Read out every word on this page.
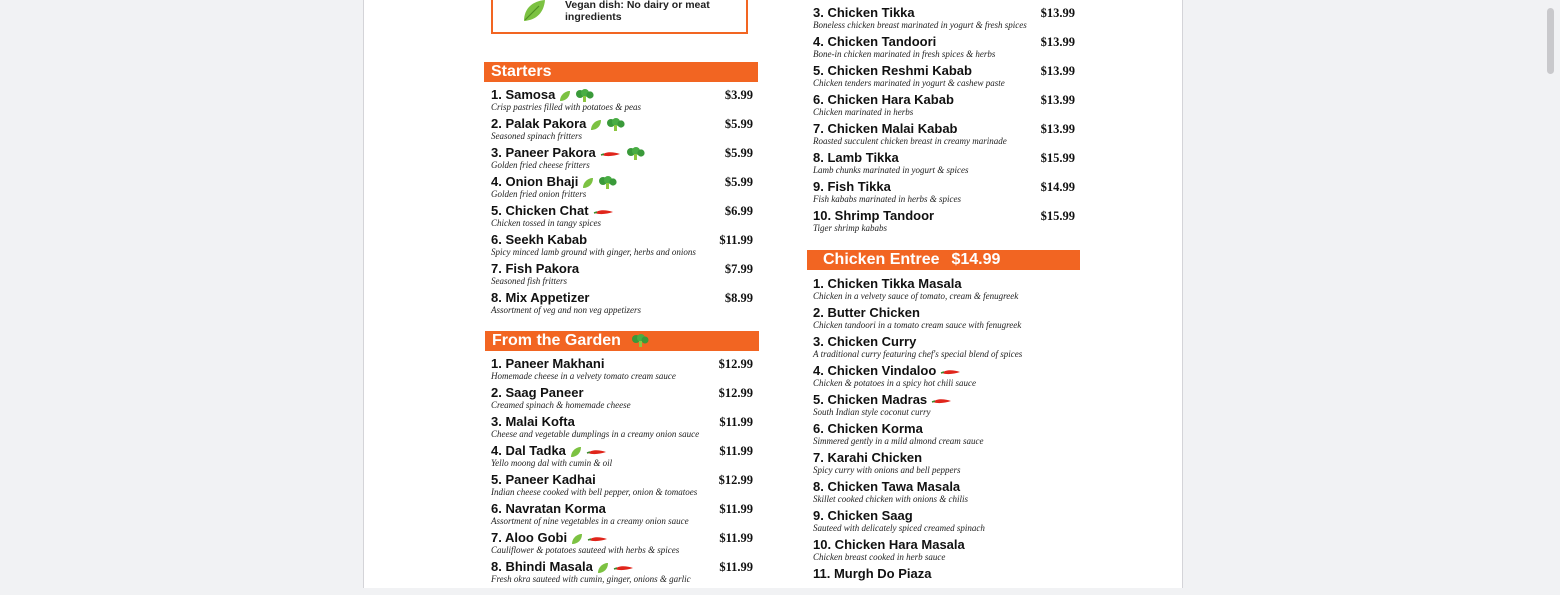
Vegan dish: No dairy or meat ingredients
Starters
1. Samosa
Crisp pastries filled with potatoes & peas
$3.99
2. Palak Pakora
Seasoned spinach fritters
$5.99
3. Paneer Pakora
Golden fried cheese fritters
$5.99
4. Onion Bhaji
Golden fried onion fritters
$5.99
5. Chicken Chat
Chicken tossed in tangy spices
$6.99
6. Seekh Kabab
Spicy minced lamb ground with ginger, herbs and onions
$11.99
7. Fish Pakora
Seasoned fish fritters
$7.99
8. Mix Appetizer
Assortment of veg and non veg appetizers
$8.99
From the Garden
1. Paneer Makhani
Homemade cheese in a velvety tomato cream sauce
$12.99
2. Saag Paneer
Creamed spinach & homemade cheese
$12.99
3. Malai Kofta
Cheese and vegetable dumplings in a creamy onion sauce
$11.99
4. Dal Tadka
Yello moong dal with cumin & oil
$11.99
5. Paneer Kadhai
Indian cheese cooked with bell pepper, onion & tomatoes
$12.99
6. Navratan Korma
Assortment of nine vegetables in a creamy onion sauce
$11.99
7. Aloo Gobi
Cauliflower & potatoes sauteed with herbs & spices
$11.99
8. Bhindi Masala
Fresh okra sauteed with cumin, ginger, onions & garlic
$11.99
3. Chicken Tikka
Boneless chicken breast marinated in yogurt & fresh spices
$13.99
4. Chicken Tandoori
Bone-in chicken marinated in fresh spices & herbs
$13.99
5. Chicken Reshmi Kabab
Chicken tenders marinated in yogurt & cashew paste
$13.99
6. Chicken Hara Kabab
Chicken marinated in herbs
$13.99
7. Chicken Malai Kabab
Roasted succulent chicken breast in creamy marinade
$13.99
8. Lamb Tikka
Lamb chunks marinated in yogurt & spices
$15.99
9. Fish Tikka
Fish kababs marinated in herbs & spices
$14.99
10. Shrimp Tandoor
Tiger shrimp kababs
$15.99
Chicken Entree $14.99
1. Chicken Tikka Masala
Chicken in a velvety sauce of tomato, cream & fenugreek
2. Butter Chicken
Chicken tandoori in a tomato cream sauce with fenugreek
3. Chicken Curry
A traditional curry featuring chef's special blend of spices
4. Chicken Vindaloo
Chicken & potatoes in a spicy hot chili sauce
5. Chicken Madras
South Indian style coconut curry
6. Chicken Korma
Simmered gently in a mild almond cream sauce
7. Karahi Chicken
Spicy curry with onions and bell peppers
8. Chicken Tawa Masala
Skillet cooked chicken with onions & chilis
9. Chicken Saag
Sauteed with delicately spiced creamed spinach
10. Chicken Hara Masala
Chicken breast cooked in herb sauce
11. Murgh Do Piaza
